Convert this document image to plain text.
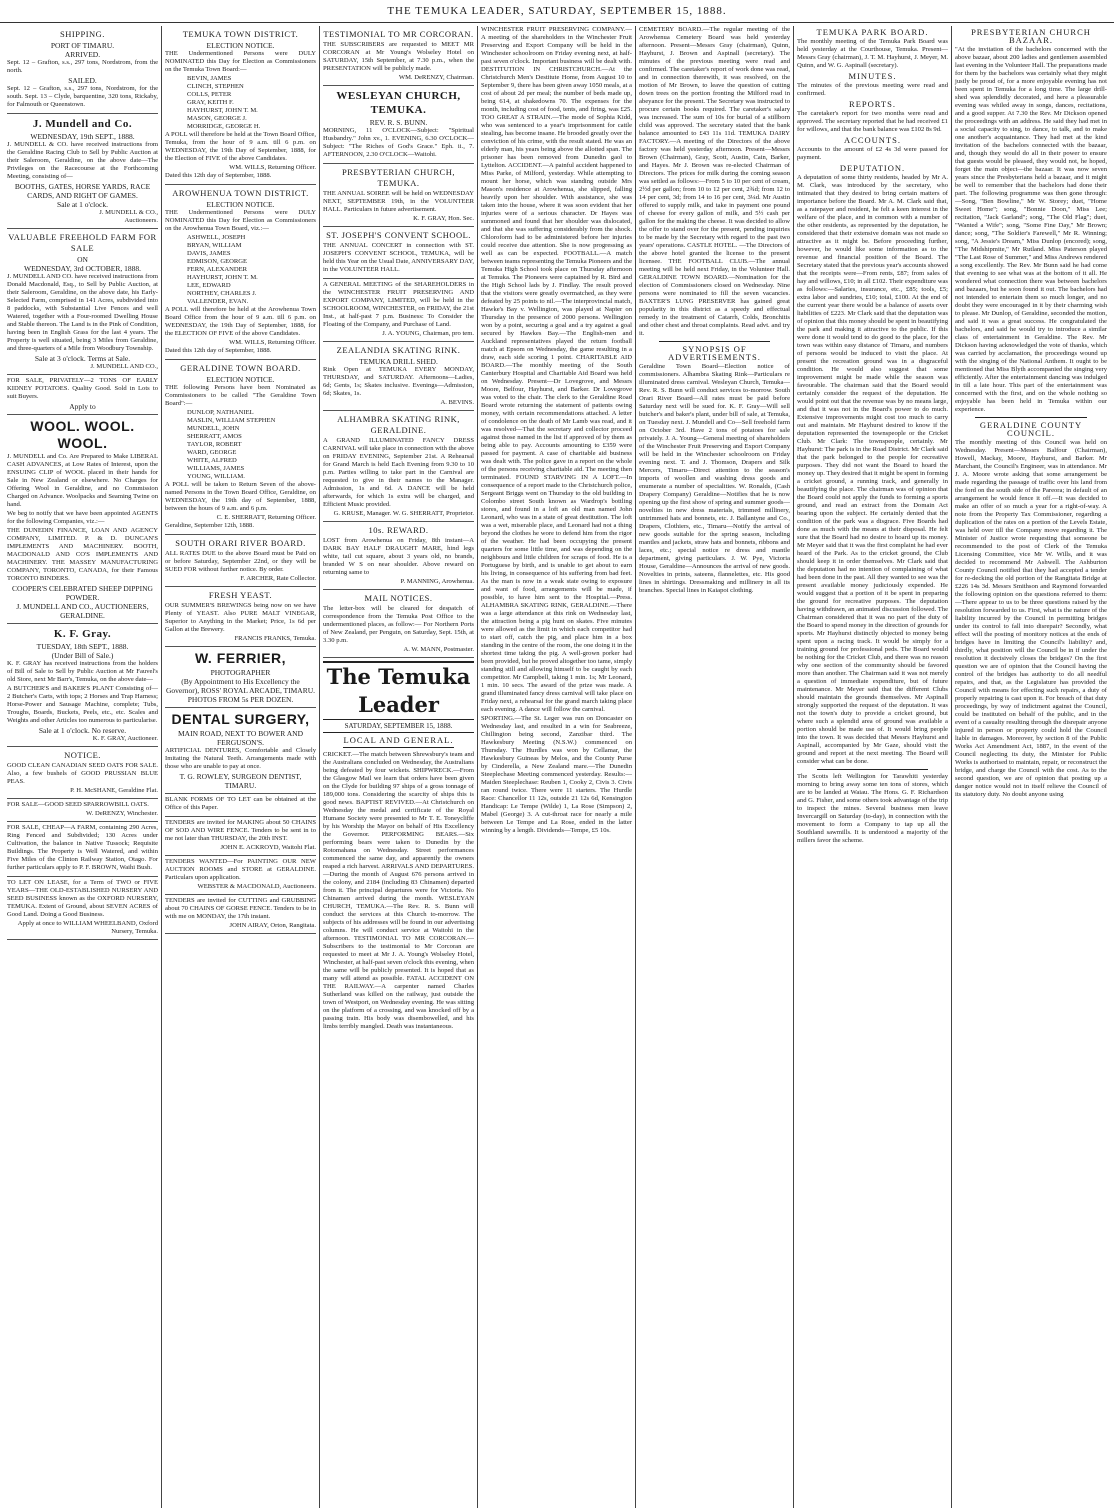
THE TEMUKA LEADER, SATURDAY, SEPTEMBER 15, 1888.
SHIPPING.
PORT OF TIMARU.
ARRIVED.
Sept. 12 – Grafton, s.s., 297 tons, Nordstrom, from the north.
SAILED.
Sept. 12 – Grafton, s.s., 297 tons, Nordstrom, for the south. Sept. 13 – Clyde, barquentine, 320 tons, Rickaby, for Falmouth or Queenstown.
J. Mundell and Co.
WEDNESDAY, 19th SEPT., 1888.
J. MUNDELL & CO. have received instructions from the Geraldine Racing Club to Sell by Public Auction at their Saleroom, Geraldine, on the above date—The Privileges on the Racecourse at the Forthcoming Meeting, consisting of—
BOOTHS, GATES, HORSE YARDS, RACE CARDS, AND RIGHT OF GAMES.
Sale at 1 o'clock.
J. MUNDELL & CO.,
Auctioneers.
VALUABLE FREEHOLD FARM FOR SALE
ON
WEDNESDAY, 3rd OCTOBER, 1888.
J. MUNDELL AND CO. have received instructions from Donald Macdonald, Esq., to Sell by Public Auction, at their Saleroom, Geraldine, on the above date, his Early-Selected Farm, comprised in 141 Acres, subdivided into 8 paddocks, with Substantial Live Fences and well Watered, together with a Four-roomed Dwelling House and Stable thereon. The Land is in the Pink of Condition, having been in English Grass for the last 4 years. The Property is well situated, being 3 Miles from Geraldine, and three-quarters of a Mile from Woodbury Township.
Sale at 3 o'clock. Terms at Sale.
J. MUNDELL AND CO.,
FOR SALE, PRIVATELY—2 TONS OF EARLY KIDNEY POTATOES. Quality Good. Sold in Lots to suit Buyers.
Apply to
WOOL. WOOL. WOOL.
J. MUNDELL and Co. Are Prepared to Make LIBERAL CASH ADVANCES, at Low Rates of Interest, upon the ENSUING CLIP of WOOL placed in their hands for Sale in New Zealand or elsewhere. No Charges for Offering Wool in Geraldine, and no Commission Charged on Advance. Woolpacks and Seaming Twine on hand.
We beg to notify that we have been appointed AGENTS for the following Companies, viz.:—
THE DUNEDIN FINANCE, LOAN AND AGENCY COMPANY, LIMITED. P. & D. DUNCAN'S IMPLEMENTS AND MACHINERY. BOOTH, MACDONALD AND CO'S IMPLEMENTS AND MACHINERY. THE MASSEY MANUFACTURING COMPANY, TORONTO, CANADA, for their Famous TORONTO BINDERS.
COOPER'S CELEBRATED SHEEP DIPPING POWDER.
J. MUNDELL AND CO., AUCTIONEERS, GERALDINE.
K. F. Gray.
TUESDAY, 18th SEPT., 1888.
(Under Bill of Sale.)
K. F. GRAY has received instructions from the holders of Bill of Sale to Sell by Public Auction at Mr Fauvel's old Store, next Mr Barr's, Temuka, on the above date—
A BUTCHER'S and BAKER'S PLANT Consisting of— 2 Butcher's Carts, with tops; 2 Horses and Trap Harness; Horse-Power and Sausage Machine, complete; Tubs, Troughs, Boards, Buckets, Peels, etc., etc. Scales and Weights and other Articles too numerous to particularise.
Sale at 1 o'clock. No reserve.
K. F. GRAY, Auctioneer.
NOTICE.
GOOD CLEAN CANADIAN SEED OATS FOR SALE. Also, a few bushels of GOOD PRUSSIAN BLUE PEAS.
P. H. McSHANE, Geraldine Flat.
FOR SALE—GOOD SEED SPARROWBILL OATS.
W. DeRENZY, Winchester.
FOR SALE, CHEAP—A FARM, containing 290 Acres, Ring Fenced and Subdivided; 130 Acres under Cultivation, the balance in Native Tussock; Requisite Buildings. The Property is Well Watered, and within Five Miles of the Clinton Railway Station, Otago. For further particulars apply to P. F. BROWN, Waihi Bush.
TO LET ON LEASE, for a Term of TWO or FIVE YEARS—THE OLD-ESTABLISHED NURSERY AND SEED BUSINESS known as the OXFORD NURSERY, TEMUKA. Extent of Ground, about SEVEN ACRES of Good Land. Doing a Good Business.
Apply at once to WILLIAM WHEELBAND, Oxford Nursery, Temuka.
TEMUKA TOWN DISTRICT.
ELECTION NOTICE.
THE Undermentioned Persons were DULY NOMINATED this Day for Election as Commissioners on the Temuka Town Board:—
BEVIN, JAMES
CLINCH, STEPHEN
COLLS, PETER
GRAY, KEITH F.
HAYHURST, JOHN T. M.
MASON, GEORGE J.
MORRIDGE, GEORGE H.
A POLL will therefore be held at the Town Board Office, Temuka, from the hour of 9 a.m. till 6 p.m. on WEDNESDAY, the 19th Day of September, 1888, for the Election of FIVE of the above Candidates.
WM. WILLS, Returning Officer.
Dated this 12th day of September, 1888.
AROWHENUA TOWN DISTRICT.
ELECTION NOTICE.
THE Undermentioned Persons were DULY NOMINATED this Day for Election as Commissioners on the Arowhenua Town Board, viz.:—
ASHWELL, JOSEPH
BRYAN, WILLIAM
DAVIS, JAMES
EDMISON, GEORGE
FERN, ALEXANDER
HAYHURST, JOHN T. M.
LEE, EDWARD
NORTHEY, CHARLES J.
VALLENDER, EVAN.
A POLL will therefore be held at the Arowhenua Town Board Office from the hour of 9 a.m. till 6 p.m. on WEDNESDAY, the 19th Day of September, 1888, for the ELECTION OF FIVE of the above Candidates.
WM. WILLS, Returning Officer.
Dated this 12th day of September, 1888.
GERALDINE TOWN BOARD.
ELECTION NOTICE.
THE following Persons have been Nominated as Commissioners to be called "The Geraldine Town Board":—
DUNLOP, NATHANIEL
MASLIN, WILLIAM STEPHEN
MUNDELL, JOHN
SHERRATT, AMOS
TAYLOR, ROBERT
WARD, GEORGE
WHITE, ALFRED
WILLIAMS, JAMES
YOUNG, WILLIAM.
A POLL will be taken to Return Seven of the above-named Persons in the Town Board Office, Geraldine, on WEDNESDAY, the 19th day of September, 1888, between the hours of 9 a.m. and 6 p.m.
C. E. SHERRATT, Returning Officer.
Geraldine, September 12th, 1888.
SOUTH ORARI RIVER BOARD.
ALL RATES DUE to the above Board must be Paid on or before Saturday, September 22nd, or they will be SUED FOR without further notice. By order.
F. ARCHER, Rate Collector.
FRESH YEAST.
OUR SUMMER'S BREWINGS being now on we have Plenty of YEAST. Also PURE MALT VINEGAR, Superior to Anything in the Market; Price, 1s 6d per Gallon at the Brewery.
FRANCIS FRANKS, Temuka.
W. FERRIER,
PHOTOGRAPHER
(By Appointment to His Excellency the Governor), ROSS' ROYAL ARCADE, TIMARU. PHOTOS FROM 5s PER DOZEN.
DENTAL SURGERY,
MAIN ROAD, NEXT TO BOWER AND FERGUSON'S.
ARTIFICIAL DENTURES, Comfortable and Closely Imitating the Natural Teeth. Arrangements made with those who are unable to pay at once.
T. G. ROWLEY, SURGEON DENTIST, TIMARU.
BLANK FORMS OF TO LET can be obtained at the Office of this Paper.
TENDERS are invited for MAKING about 50 CHAINS OF SOD AND WIRE FENCE. Tenders to be sent in to me not later than THURSDAY, the 20th INST.
JOHN E. ACKROYD, Waitohi Flat.
TENDERS WANTED—For PAINTING OUR NEW AUCTION ROOMS and STORE at GERALDINE. Particulars upon application.
WEBSTER & MACDONALD, Auctioneers.
TENDERS are invited for CUTTING and GRUBBING about 70 CHAINS OF GORSE FENCE. Tenders to be in with me on MONDAY, the 17th instant.
JOHN AIRAY, Orton, Rangitata.
TESTIMONIAL TO MR CORCORAN.
THE SUBSCRIBERS are requested to MEET MR CORCORAN at Mr Young's Wolseley Hotel on SATURDAY, 15th September, at 7.30 p.m., when the PRESENTATION will be publicly made.
WM. DeRENZY, Chairman.
WESLEYAN CHURCH, TEMUKA.
REV. R. S. BUNN.
MORNING, 11 O'CLOCK—Subject: "Spiritual Husbandry." John xv., 1. EVENING, 6.30 O'CLOCK—Subject: "The Riches of God's Grace." Eph. ii., 7. AFTERNOON, 2.30 O'CLOCK—Waitohi.
PRESBYTERIAN CHURCH, TEMUKA.
THE ANNUAL SOIREE will be held on WEDNESDAY NEXT, SEPTEMBER 19th, in the VOLUNTEER HALL. Particulars in future advertisement.
K. F. GRAY, Hon. Sec.
ST. JOSEPH'S CONVENT SCHOOL.
THE ANNUAL CONCERT in connection with ST. JOSEPH'S CONVENT SCHOOL, TEMUKA, will be held this Year on the Usual Date, ANNIVERSARY DAY, in the VOLUNTEER HALL.
A GENERAL MEETING of the SHAREHOLDERS in the WINCHESTER FRUIT PRESERVING AND EXPORT COMPANY, LIMITED, will be held in the SCHOOLROOM, WINCHESTER, on FRIDAY, the 21st Inst., at half-past 7 p.m. Business: To Consider the Floating of the Company, and Purchase of Land.
J. A. YOUNG, Chairman, pro tem.
ZEALANDIA SKATING RINK.
TEMUKA DRILL SHED.
Rink Open at TEMUKA EVERY MONDAY, THURSDAY, and SATURDAY. Afternoons—Ladies, 6d; Gents, 1s; Skates inclusive. Evenings—Admission, 6d; Skates, 1s.
A. BEVINS.
ALHAMBRA SKATING RINK, GERALDINE.
A GRAND ILLUMINATED FANCY DRESS CARNIVAL will take place in connection with the above on FRIDAY EVENING, September 21st. A Rehearsal for Grand March is held Each Evening from 9.30 to 10 p.m. Parties willing to take part in the Carnival are requested to give in their names to the Manager. Admission, 1s and 6d. A DANCE will be held afterwards, for which 1s extra will be charged, and Efficient Music provided.
G. KRUSE, Manager. W. G. SHERRATT, Proprietor.
10s. REWARD.
LOST from Arowhenua on Friday, 8th instant—A DARK BAY HALF DRAUGHT MARE, hind legs white, tail cut square, about 3 years old, no brands, branded W S on near shoulder. Above reward on returning same to
P. MANNING, Arowhenua.
MAIL NOTICES.
The letter-box will be cleared for despatch of correspondence from the Temuka Post Office to the undermentioned places, as follow:— For Northern Ports of New Zealand, per Penguin, on Saturday, Sept. 15th, at 3.30 p.m.
A. W. MANN, Postmaster.
The Temuka Leader
SATURDAY, SEPTEMBER 15, 1888.
LOCAL AND GENERAL.
CRICKET.—The match between Shrewsbury's team and the Australians concluded on Wednesday, the Australians being defeated by four wickets. SHIPWRECK.—From the Glasgow Mail we learn that orders have been given on the Clyde for building 97 ships of a gross tonnage of 189,000 tons. Considering the scarcity of ships this is good news. BAPTIST REVIVED.—At Christchurch on Wednesday the medal and certificate of the Royal Humane Society were presented to Mr T. E. Toneycliffe by his Worship the Mayor on behalf of His Excellency the Governor. PERFORMING BEARS.—Six performing bears were taken to Dunedin by the Rotomahana on Wednesday. Street performances commenced the same day, and apparently the owners reaped a rich harvest. ARRIVALS AND DEPARTURES.—During the month of August 676 persons arrived in the colony, and 2184 (including 83 Chinamen) departed from it. The principal departures were for Victoria. No Chinamen arrived during the month. WESLEYAN CHURCH, TEMUKA.—The Rev. R. S. Bunn will conduct the services at this Church to-morrow. The subjects of his addresses will be found in our advertising columns. He will conduct service at Waitohi in the afternoon. TESTIMONIAL TO MR CORCORAN.—Subscribers to the testimonial to Mr Corcoran are requested to meet at Mr J. A. Young's Wolseley Hotel, Winchester, at half-past seven o'clock this evening, when the same will be publicly presented. It is hoped that as many will attend as possible. FATAL ACCIDENT ON THE RAILWAY.—A carpenter named Charles Sutherland was killed on the railway, just outside the town of Westport, on Wednesday evening. He was sitting on the platform of a crossing, and was knocked off by a passing train. His body was disembowelled, and his limbs terribly mangled. Death was instantaneous.
WINCHESTER FRUIT PRESERVING COMPANY.—A meeting of the shareholders in the Winchester Fruit Preserving and Export Company will be held in the Winchester schoolroom on Friday evening next, at half-past seven o'clock. Important business will be dealt with. DESTITUTION IN CHRISTCHURCH.—At the Christchurch Men's Destitute Home, from August 10 to September 9, there has been given away 1050 meals, at a cost of about 2d per meal; the number of beds made up, being 614, at shakedowns 70. The expenses for the month, including cost of food, tents, and firing, was £25. TOO GREAT A STRAIN.—The mode of Sophia Kidd, who was sentenced to a year's imprisonment for cattle stealing, has become insane. He brooded greatly over the conviction of his crime, with the result stated. He was an elderly man, his years being above the allotted span. The prisoner has been removed from Dunedin gaol to Lyttelton. ACCIDENT.—A painful accident happened to Miss Parke, of Milford, yesterday. While attempting to mount her horse, which was standing outside Mrs Mason's residence at Arowhenua, she slipped, falling heavily upon her shoulder. With assistance, she was taken into the house, where it was soon evident that her injuries were of a serious character. Dr Hayes was summoned and found that her shoulder was dislocated, and that she was suffering considerably from the shock. Chloroform had to be administered before her injuries could receive due attention. She is now progressing as well as can be expected. FOOTBALL.—A match between teams representing the Temuka Pioneers and the Temuka High School took place on Thursday afternoon at Temuka. The Pioneers were captained by R. Bird and the High School lads by J. Findlay. The result proved that the visitors were greatly overmatched, as they were defeated by 25 points to nil.—The interprovincial match, Hawke's Bay v. Wellington, was played at Napier on Thursday in the presence of 2000 persons. Wellington won by a point, securing a goal and a try against a goal secured by Hawkes Bay.—The English-men and Auckland representatives played the return football match at Epsom on Wednesday, the game resulting in a draw, each side scoring 1 point. CHARITABLE AID BOARD.—The monthly meeting of the South Canterbury Hospital and Charitable Aid Board was held on Wednesday. Present—Dr Lovegrove, and Messrs Moore, Belfour, Hayhurst, and Barker. Dr Lovegrove was voted to the chair. The clerk to the Geraldine Road Board wrote returning the statement of patients owing money, with certain recommendations attached. A letter of condolence on the death of Mr Lamb was read, and it was resolved—That the secretary and collector proceed against those named in the list if approved of by them as being able to pay. Accounts amounting to £359 were passed for payment. A case of charitable aid business was dealt with. The police gave in a report on the whole of the persons receiving charitable aid. The meeting then terminated. FOUND STARVING IN A LOFT.—In consequence of a report made to the Christchurch police, Sergeant Briggs went on Thursday to the old building in Colombo street South known as Wardrop's bottling stores, and found in a loft an old man named John Leonard, who was in a state of great destitution. The loft was a wet, miserable place, and Leonard had not a thing beyond the clothes he wore to defend him from the rigor of the weather. He had been occupying the present quarters for some little time, and was depending on the neighbours and little children for scraps of food. He is a Portuguese by birth, and is unable to get about to earn his living, in consequence of his suffering from bad feet. As the man is now in a weak state owing to exposure and want of food, arrangements will be made, if possible, to have him sent to the Hospital.—Press. ALHAMBRA SKATING RINK, GERALDINE.—There was a large attendance at this rink on Wednesday last, the attraction being a pig hunt on skates. Five minutes were allowed as the limit in which each competitor had to start off, catch the pig, and place him in a box standing in the centre of the room, the one doing it in the shortest time taking the pig. A well-grown porker had been provided, but he proved altogether too tame, simply standing still and allowing himself to be caught by each competitor. Mr Campbell, taking 1 min. 1s; Mr Leonard, 1 min. 10 secs. The award of the prize was made. A grand illuminated fancy dress carnival will take place on Friday next, a rehearsal for the grand march taking place each evening. A dance will follow the carnival.
SPORTING.—The St. Leger was run on Doncaster on Wednesday last, and resulted in a win for Seabreeze, Chillington being second, Zanzibar third. The Hawkesbury Meeting (N.S.W.) commenced on Thursday. The Hurdles was won by Cellamar, the Hawkesbury Guineas by Melos, and the County Purse by Cinderella, a New Zealand mare.—The Dunedin Steeplechase Meeting commenced yesterday. Results:—Maiden Steeplechase: Reuben 1, Cooky 2, Civis 3. Civis ran round twice. There were 11 starters. The Hurdle Race: Chancellor 11 12s, outside 21 12s 6d, Kensington Handicap: Le Tempe (Wilde) 1, La Rose (Simpson) 2, Mabel (George) 3. A cut-throat race for nearly a mile between Le Tempe and La Rose, ended in the latter winning by a length. Dividends—Tempe, £5 10s.
CEMETERY BOARD.—The regular meeting of the Arowhenua Cemetery Board was held yesterday afternoon. Present—Messrs Gray (chairman), Quinn, Hayhurst, J. Brown and Aspinall (secretary). The minutes of the previous meeting were read and confirmed. The caretaker's report of work done was read, and in connection therewith, it was resolved, on the motion of Mr Brown, to leave the question of cutting down trees on the portion fronting the Milford road in abeyance for the present. The Secretary was instructed to procure certain books required. The caretaker's salary was increased. The sum of 10s for burial of a stillborn child was approved. The secretary stated that the bank balance amounted to £43 11s 11d. TEMUKA DAIRY FACTORY.—A meeting of the Directors of the above factory was held yesterday afternoon. Present—Messrs Brown (Chairman), Gray, Scott, Austin, Cain, Barker, and Hayes. Mr J. Brown was re-elected Chairman of Directors. The prices for milk during the coming season was settled as follows:—From 5 to 10 per cent of cream, 2½d per gallon; from 10 to 12 per cent, 2¾d; from 12 to 14 per cent, 3d; from 14 to 16 per cent, 3¼d. Mr Austin offered to supply milk, and take in payment one pound of cheese for every gallon of milk, and 5½ cash per gallon for the making the cheese. It was decided to allow the offer to stand over for the present, pending inquiries to be made by the Secretary with regard to the past two years' operations. CASTLE HOTEL. —The Directors of the above hotel granted the license to the present licensee. THE FOOTBALL CLUB.—The annual meeting will be held next Friday, in the Volunteer Hall. GERALDINE TOWN BOARD.—Nomination for the election of Commissioners closed on Wednesday. Nine persons were nominated to fill the seven vacancies. BAXTER'S LUNG PRESERVER has gained great popularity in this district as a speedy and effectual remedy in the treatment of Catarrh, Colds, Bronchitis and other chest and throat complaints. Read advt. and try it.
SYNOPSIS OF ADVERTISEMENTS.
Geraldine Town Board—Election notice of commissioners. Alhambra Skating Rink—Particulars re illuminated dress carnival. Wesleyan Church, Temuka—Rev. R. S. Bunn will conduct services to-morrow. South Orari River Board—All rates must be paid before Saturday next will be sued for. K. F. Gray—Will sell butcher's and baker's plant, under bill of sale, at Temuka, on Tuesday next. J. Mundell and Co—Sell freehold farm on October 3rd. Have 2 tons of potatoes for sale privately. J. A. Young—General meeting of shareholders of the Winchester Fruit Preserving and Export Company will be held in the Winchester schoolroom on Friday evening next. T. and J. Thomson, Drapers and Silk Mercers, Timaru—Direct attention to the season's imports of woollen and washing dress goods and enumerate a number of specialities. W. Ronalds, (Cash Drapery Company) Geraldine—Notifies that he is now opening up the first show of spring and summer goods—novelties in new dress materials, trimmed millinery, untrimmed hats and bonnets, etc. J. Ballantyne and Co., Drapers, Clothiers, etc., Timaru—Notify the arrival of new goods suitable for the spring season, including mantles and jackets, straw hats and bonnets, ribbons and laces, etc.; special notice re dress and mantle department, giving particulars. J. W. Pye, Victoria House, Geraldine—Announces the arrival of new goods. Novelties in prints, sateens, flannelettes, etc. His good lines in shirtings. Dressmaking and millinery in all its branches. Special lines in Kaiapoi clothing.
TEMUKA PARK BOARD.
The monthly meeting of the Temuka Park Board was held yesterday at the Courthouse, Temuka. Present—Messrs Gray (chairman), J. T. M. Hayhurst, J. Meyer, M. Quinn, and W. G. Aspinall (secretary).
MINUTES.
The minutes of the previous meeting were read and confirmed.
REPORTS.
The caretaker's report for two months were read and approved. The secretary reported that he had received £1 for willows, and that the bank balance was £102 8s 9d.
ACCOUNTS.
Accounts to the amount of £2 4s 3d were passed for payment.
DEPUTATION.
A deputation of some thirty residents, headed by Mr A. M. Clark, was introduced by the secretary, who intimated that they desired to bring certain matters of importance before the Board. Mr A. M. Clark said that, as a ratepayer and resident, he felt a keen interest in the welfare of the place, and in common with a number of the other residents, as represented by the deputation, he considered that their extensive domain was not made so attractive as it might be. Before proceeding further, however, he would like some information as to the revenue and financial position of the Board. The Secretary stated that the previous year's accounts showed that the receipts were—From rents, £87; from sales of hay and willows, £10; in all £102. Their expenditure was as follows:—Salaries, insurance, etc., £85; tools, £5; extra labor and sundries, £10; total, £100. At the end of the current year there would be a balance of assets over liabilities of £223. Mr Clark said that the deputation was of opinion that this money should be spent in beautifying the park and making it attractive to the public. If this were done it would tend to do good to the place, for the town was within easy distance of Timaru, and numbers of persons would be induced to visit the place. At present the recreation ground was in a disgraceful condition. He would also suggest that some improvement might be made while the season was favourable. The chairman said that the Board would certainly consider the request of the deputation. He would point out that the revenue was by no means large, and that it was not in the Board's power to do much. Extensive improvements might cost too much to carry out and maintain. Mr Hayhurst desired to know if the deputation represented the townspeople or the Cricket Club. Mr Clark: The townspeople, certainly. Mr Hayhurst: The park is in the Road District. Mr Clark said that the park belonged to the people for recreative purposes. They did not want the Board to hoard the money up. They desired that it might be spent in forming a cricket ground, a running track, and generally in beautifying the place. The chairman was of opinion that the Board could not apply the funds to forming a sports ground, and read an extract from the Domain Act bearing upon the subject. He certainly denied that the condition of the park was a disgrace. Five Boards had done as much with the means at their disposal. He felt sure that the Board had no desire to hoard up its money. Mr Meyer said that it was the first complaint he had ever heard of the Park. As to the cricket ground, the Club should keep it in order themselves. Mr Clark said that the deputation had no intention of complaining of what had been done in the past. All they wanted to see was the present available money judiciously expended. He would suggest that a portion of it be spent in preparing the ground for recreative purposes. The deputation having withdrawn, an animated discussion followed. The Chairman considered that it was no part of the duty of the Board to spend money in the direction of grounds for sports. Mr Hayhurst distinctly objected to money being spent upon a racing track. It would be simply for a training ground for professional peds. The Board would be nothing for the Cricket Club, and there was no reason why one section of the community should be favored more than another. The Chairman said it was not merely a question of immediate expenditure, but of future maintenance. Mr Meyer said that the different Clubs should maintain the grounds themselves. Mr Aspinall strongly supported the request of the deputation. It was not the town's duty to provide a cricket ground, but where such a splendid area of ground was available a portion should be made use of. It would bring people into the town. It was decided that Messrs Hayhurst and Aspinall, accompanied by Mr Gaze, should visit the ground and report at the next meeting. The Board will consider what can be done.
The Scotts left Wellington for Tarawhiti yesterday morning to bring away some ten tons of stores, which are to be landed at Waiau. The Hons. G. F. Richardson and G. Fisher, and some others took advantage of the trip to inspect the mines. Several business men leave Invercargill on Saturday (to-day), in connection with the movement to form a Company to tap up all the Southland sawmills. It is understood a majority of the millers favor the scheme.
PRESBYTERIAN CHURCH BAZAAR.
"At the invitation of the bachelors concerned with the above bazaar, about 200 ladies and gentlemen assembled last evening in the Volunteer Hall. The preparations made for them by the bachelors was certainly what they might justly be proud of, for a more enjoyable evening has not been spent in Temuka for a long time. The large drill-shed was splendidly decorated, and here a pleasurable evening was whiled away in songs, dances, recitations, and a good supper. At 7.30 the Rev. Mr Dickson opened the proceedings with an address. He said they had met in a social capacity to sing, to dance, to talk, and to make one another's acquaintance. They had met at the kind invitation of the bachelors connected with the bazaar, and, though they would do all in their power to ensure that guests would be pleased, they would not, he hoped, forget the main object—the bazaar. It was now seven years since the Presbyterians held a bazaar, and it might be well to remember that the bachelors had done their part. The following programme was then gone through:—Song, "Ben Bowline," Mr W. Storey; duet, "Home Sweet Home"; song, "Bonnie Doon," Miss Lee; recitation, "Jack Garland"; song, "The Old Flag"; duet, "Wanted a Wife"; song, "Some Fine Day," Mr Brown; dance; song, "The Soldier's Farewell," Mr R. Winning; song, "A Jessie's Dream," Miss Dunlop (encored); song, "The Midshipmite," Mr Rutland. Miss Paterson played "The Last Rose of Summer," and Miss Andrews rendered a song excellently. The Rev. Mr Bunn said he had come that evening to see what was at the bottom of it all. He wondered what connection there was between bachelors and bazaars, but he soon found it out. The bachelors had not intended to entertain them so much longer, and no doubt they were encouraged in it by their charming wish to please. Mr Dunlop, of Geraldine, seconded the motion, and said it was a great success. He congratulated the bachelors, and said he would try to introduce a similar class of entertainment in Geraldine. The Rev. Mr Dickson having acknowledged the vote of thanks, which was carried by acclamation, the proceedings wound up with the singing of the National Anthem. It ought to be mentioned that Miss Blyth accompanied the singing very efficiently. After the entertainment dancing was indulged in till a late hour. This part of the entertainment was concerned with the first, and on the whole nothing so enjoyable has been held in Temuka within our experience.
GERALDINE COUNTY COUNCIL.
The monthly meeting of this Council was held on Wednesday. Present—Messrs Balfour (Chairman), Howell, Mackay, Moore, Hayhurst, and Barker. Mr Marchant, the Council's Engineer, was in attendance. Mr J. A. Moore wrote asking that some arrangement be made regarding the passage of traffic over his land from the ford on the south side of the Pareora; in default of an arrangement he would fence it off.—It was decided to make an offer of so much a year for a right-of-way. A note from the Property Tax Commissioner, regarding a duplication of the rates on a portion of the Levels Estate, was held over till the Company move regarding it. The Minister of Justice wrote requesting that someone be recommended to the post of Clerk of the Temuka Licensing Committee, vice Mr W. Wills, and it was decided to recommend Mr Ashwell. The Ashburton County Council notified that they had accepted a tender for re-decking the old portion of the Rangitata Bridge at £226 14s 3d. Messrs Smithson and Raymond forwarded the following opinion on the questions referred to them:—There appear to us to be three questions raised by the resolution forwarded to us. First, what is the nature of the liability incurred by the Council in permitting bridges under its control to fall into disrepair? Secondly, what effect will the posting of monitory notices at the ends of bridges have in limiting the Council's liability? and, thirdly, what position will the Council be in if under the resolution it decisively closes the bridges? On the first question we are of opinion that the Council having the control of the bridges has authority to do all needful repairs, and that, as the Legislature has provided the Council with means for effecting such repairs, a duty of properly repairing is cast upon it. For breach of that duty proceedings, by way of indictment against the Council, could be instituted on behalf of the public, and in the event of a casualty resulting through the disrepair anyone injured in person or property could hold the Council liable in damages. Moreover, by section 8 of the Public Works Act Amendment Act, 1887, in the event of the Council neglecting its duty, the Minister for Public Works is authorised to maintain, repair, or reconstruct the bridge, and charge the Council with the cost. As to the second question, we are of opinion that posting up a danger notice would not in itself relieve the Council of its statutory duty. No doubt anyone using
